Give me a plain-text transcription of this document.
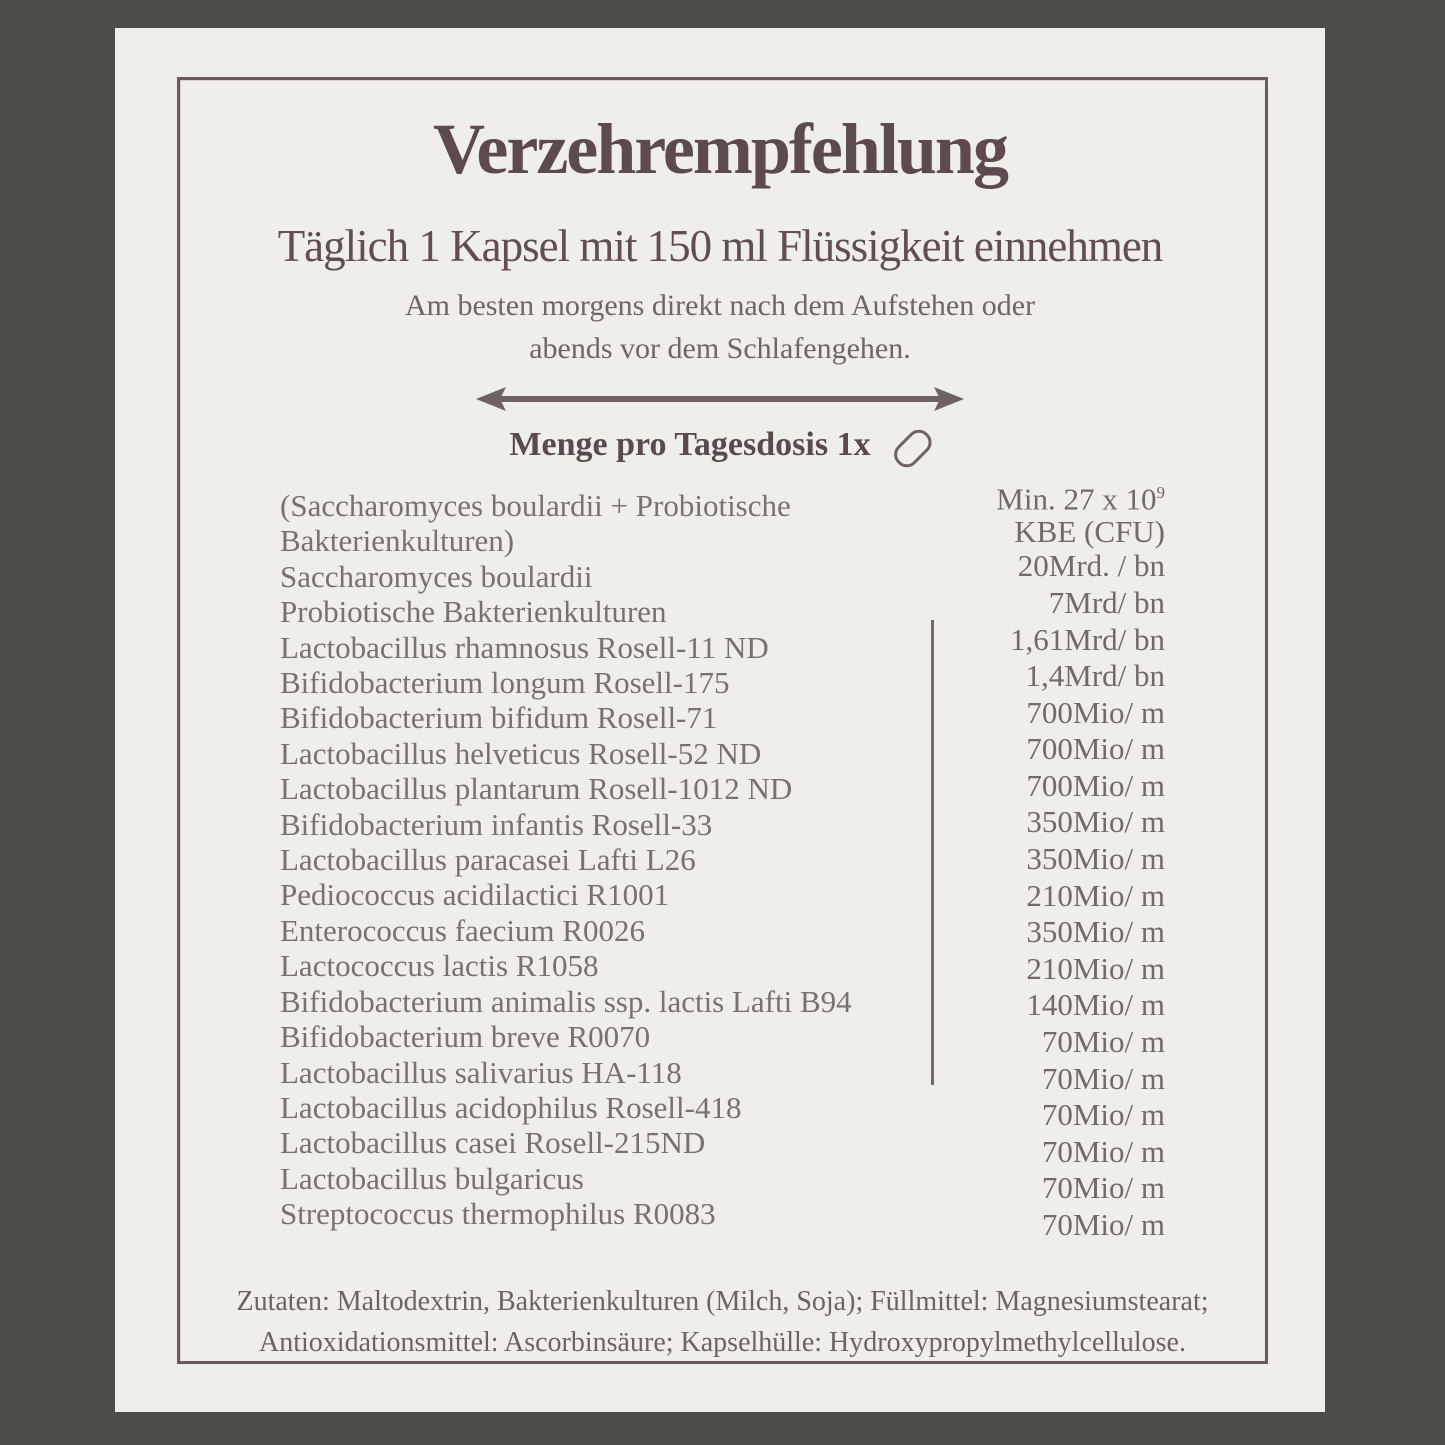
Verzehrempfehlung
Täglich 1 Kapsel mit 150 ml Flüssigkeit einnehmen

Am besten morgens direkt nach dem Aufstehen oder
abends vor dem Schlafengehen.

Menge pro Tagesdosis 1x
(Saccharomyces boulardii + Probiotische
Bakterienkulturen)
Saccharomyces boulardii
Probiotische Bakterienkulturen
Lactobacillus rhamnosus Rosell-11 ND
Bifidobacterium longum Rosell-175
Bifidobacterium bifidum Rosell-71
Lactobacillus helveticus Rosell-52 ND
Lactobacillus plantarum Rosell-1012 ND
Bifidobacterium infantis Rosell-33
Lactobacillus paracasei Lafti L26
Pediococcus acidilactici R1001
Enterococcus faecium R0026
Lactococcus lactis R1058
Bifidobacterium animalis ssp. lactis Lafti B94
Bifidobacterium breve R0070
Lactobacillus salivarius HA-118
Lactobacillus acidophilus Rosell-418
Lactobacillus casei Rosell-215ND
Lactobacillus bulgaricus
Streptococcus thermophilus R0083
Min. 27 x $10^9$
KBE (CFU)
20Mrd. / bn
7Mrd/ bn
1,61Mrd/ bn
1,4Mrd/ bn
700Mio/ m
700Mio/ m
700Mio/ m
350Mio/ m
350Mio/ m
210Mio/ m
350Mio/ m
210Mio/ m
140Mio/ m
70Mio/ m
70Mio/ m
70Mio/ m
70Mio/ m
70Mio/ m
70Mio/ m

Zutaten: Maltodextrin, Bakterienkulturen (Milch, Soja); Füllmittel: Magnesiumstearat;
Antioxidationsmittel: Ascorbinsäure; Kapselhülle: Hydroxypropylmethylcellulose.
